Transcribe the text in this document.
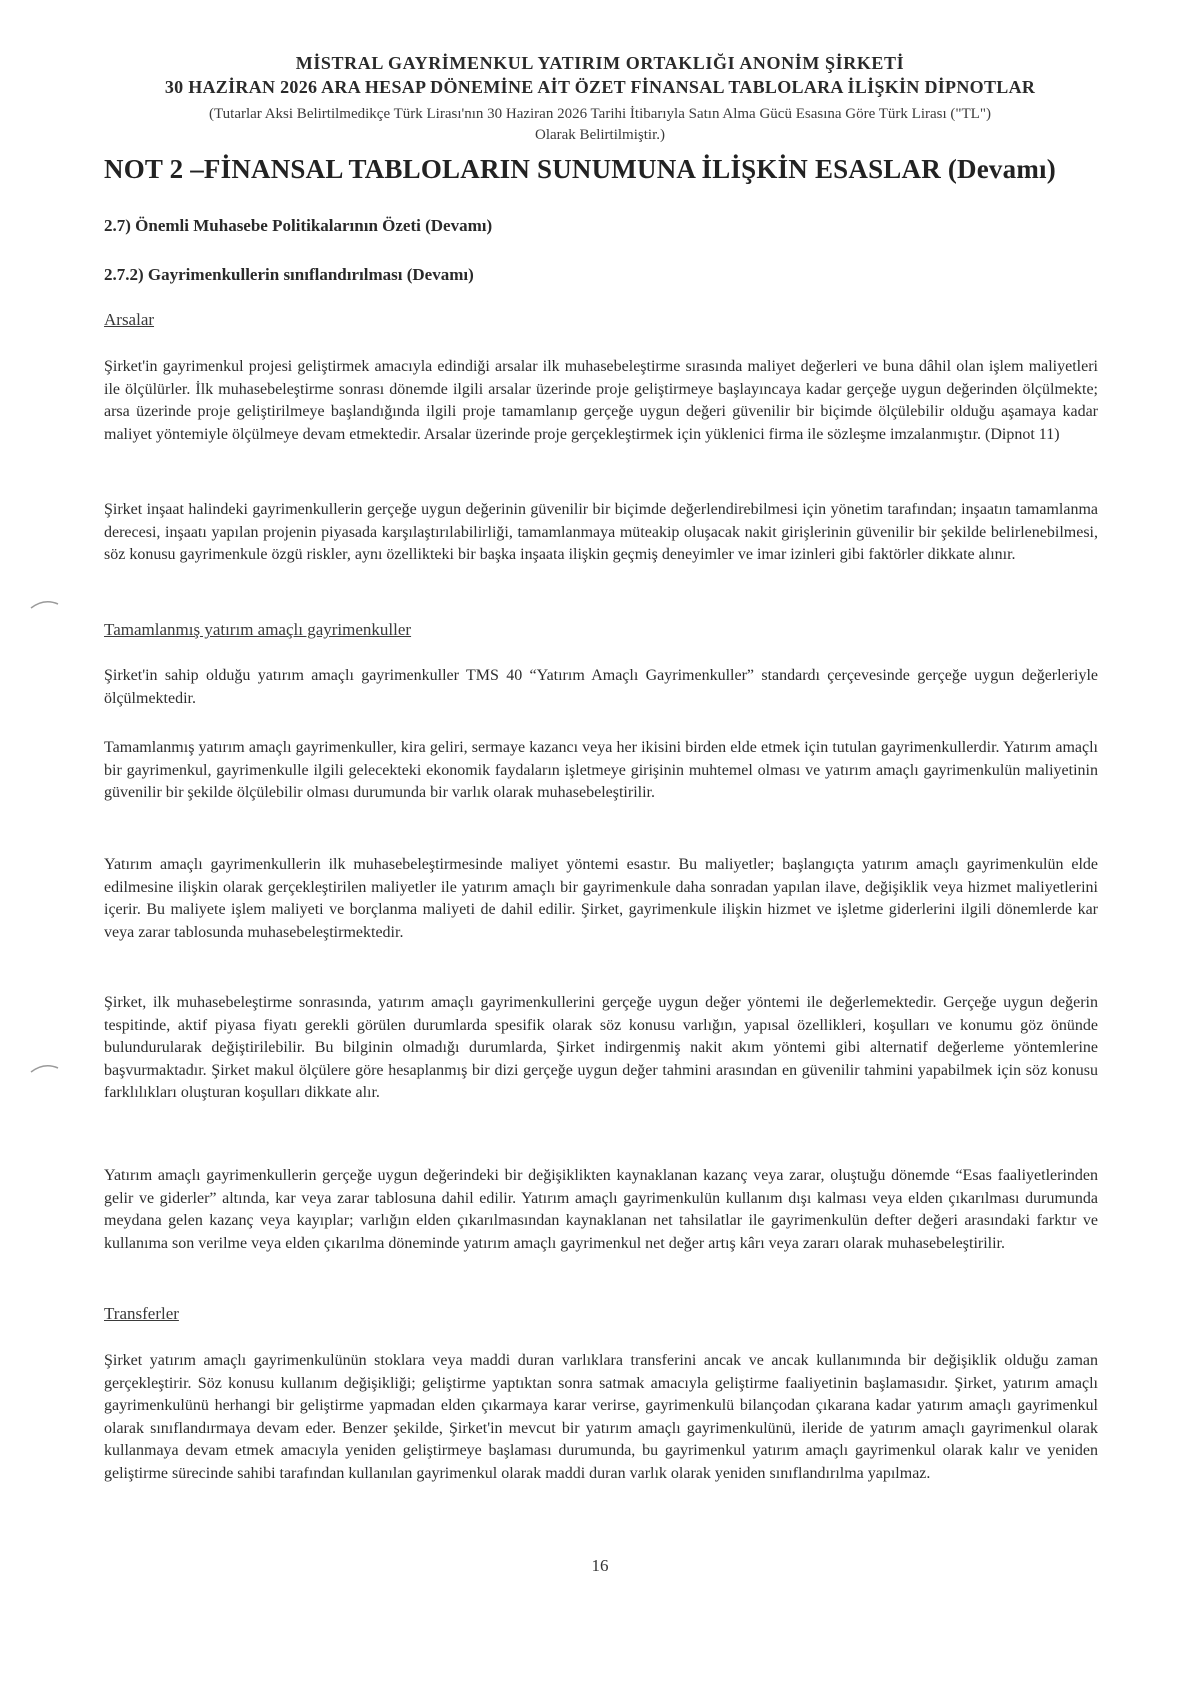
MİSTRAL GAYRİMENKUL YATIRIM ORTAKLIĞI ANONİM ŞİRKETİ
30 HAZİRAN 2026 ARA HESAP DÖNEMİNE AİT ÖZET FİNANSAL TABLOLARA İLİŞKİN DİPNOTLAR
(Tutarlar Aksi Belirtilmedikçe Türk Lirası'nın 30 Haziran 2026 Tarihi İtibarıyla Satın Alma Gücü Esasına Göre Türk Lirası ("TL")
Olarak Belirtilmiştir.)
NOT 2 –FİNANSAL TABLOLARIN SUNUMUNA İLİŞKİN ESASLAR (Devamı)
2.7) Önemli Muhasebe Politikalarının Özeti (Devamı)
2.7.2) Gayrimenkullerin sınıflandırılması (Devamı)
Arsalar
Şirket'in gayrimenkul projesi geliştirmek amacıyla edindiği arsalar ilk muhasebeleştirme sırasında maliyet değerleri ve buna dâhil olan işlem maliyetleri ile ölçülürler. İlk muhasebeleştirme sonrası dönemde ilgili arsalar üzerinde proje geliştirmeye başlayıncaya kadar gerçeğe uygun değerinden ölçülmekte; arsa üzerinde proje geliştirilmeye başlandığında ilgili proje tamamlanıp gerçeğe uygun değeri güvenilir bir biçimde ölçülebilir olduğu aşamaya kadar maliyet yöntemiyle ölçülmeye devam etmektedir. Arsalar üzerinde proje gerçekleştirmek için yüklenici firma ile sözleşme imzalanmıştır. (Dipnot 11)
Şirket inşaat halindeki gayrimenkullerin gerçeğe uygun değerinin güvenilir bir biçimde değerlendirebilmesi için yönetim tarafından; inşaatın tamamlanma derecesi, inşaatı yapılan projenin piyasada karşılaştırılabilirliği, tamamlanmaya müteakip oluşacak nakit girişlerinin güvenilir bir şekilde belirlenebilmesi, söz konusu gayrimenkule özgü riskler, aynı özellikteki bir başka inşaata ilişkin geçmiş deneyimler ve imar izinleri gibi faktörler dikkate alınır.
Tamamlanmış yatırım amaçlı gayrimenkuller
Şirket'in sahip olduğu yatırım amaçlı gayrimenkuller TMS 40 “Yatırım Amaçlı Gayrimenkuller” standardı çerçevesinde gerçeğe uygun değerleriyle ölçülmektedir.
Tamamlanmış yatırım amaçlı gayrimenkuller, kira geliri, sermaye kazancı veya her ikisini birden elde etmek için tutulan gayrimenkullerdir. Yatırım amaçlı bir gayrimenkul, gayrimenkulle ilgili gelecekteki ekonomik faydaların işletmeye girişinin muhtemel olması ve yatırım amaçlı gayrimenkulün maliyetinin güvenilir bir şekilde ölçülebilir olması durumunda bir varlık olarak muhasebeleştirilir.
Yatırım amaçlı gayrimenkullerin ilk muhasebeleştirmesinde maliyet yöntemi esastır. Bu maliyetler; başlangıçta yatırım amaçlı gayrimenkulün elde edilmesine ilişkin olarak gerçekleştirilen maliyetler ile yatırım amaçlı bir gayrimenkule daha sonradan yapılan ilave, değişiklik veya hizmet maliyetlerini içerir. Bu maliyete işlem maliyeti ve borçlanma maliyeti de dahil edilir. Şirket, gayrimenkule ilişkin hizmet ve işletme giderlerini ilgili dönemlerde kar veya zarar tablosunda muhasebeleştirmektedir.
Şirket, ilk muhasebeleştirme sonrasında, yatırım amaçlı gayrimenkullerini gerçeğe uygun değer yöntemi ile değerlemektedir. Gerçeğe uygun değerin tespitinde, aktif piyasa fiyatı gerekli görülen durumlarda spesifik olarak söz konusu varlığın, yapısal özellikleri, koşulları ve konumu göz önünde bulundurularak değiştirilebilir. Bu bilginin olmadığı durumlarda, Şirket indirgenmiş nakit akım yöntemi gibi alternatif değerleme yöntemlerine başvurmaktadır. Şirket makul ölçülere göre hesaplanmış bir dizi gerçeğe uygun değer tahmini arasından en güvenilir tahmini yapabilmek için söz konusu farklılıkları oluşturan koşulları dikkate alır.
Yatırım amaçlı gayrimenkullerin gerçeğe uygun değerindeki bir değişiklikten kaynaklanan kazanç veya zarar, oluştuğu dönemde “Esas faaliyetlerinden gelir ve giderler” altında, kar veya zarar tablosuna dahil edilir. Yatırım amaçlı gayrimenkulün kullanım dışı kalması veya elden çıkarılması durumunda meydana gelen kazanç veya kayıplar; varlığın elden çıkarılmasından kaynaklanan net tahsilatlar ile gayrimenkulün defter değeri arasındaki farktır ve kullanıma son verilme veya elden çıkarılma döneminde yatırım amaçlı gayrimenkul net değer artış kârı veya zararı olarak muhasebeleştirilir.
Transferler
Şirket yatırım amaçlı gayrimenkulünün stoklara veya maddi duran varlıklara transferini ancak ve ancak kullanımında bir değişiklik olduğu zaman gerçekleştirir. Söz konusu kullanım değişikliği; geliştirme yaptıktan sonra satmak amacıyla geliştirme faaliyetinin başlamasıdır. Şirket, yatırım amaçlı gayrimenkulünü herhangi bir geliştirme yapmadan elden çıkarmaya karar verirse, gayrimenkulü bilançodan çıkarana kadar yatırım amaçlı gayrimenkul olarak sınıflandırmaya devam eder. Benzer şekilde, Şirket'in mevcut bir yatırım amaçlı gayrimenkulünü, ileride de yatırım amaçlı gayrimenkul olarak kullanmaya devam etmek amacıyla yeniden geliştirmeye başlaması durumunda, bu gayrimenkul yatırım amaçlı gayrimenkul olarak kalır ve yeniden geliştirme sürecinde sahibi tarafından kullanılan gayrimenkul olarak maddi duran varlık olarak yeniden sınıflandırılma yapılmaz.
16
